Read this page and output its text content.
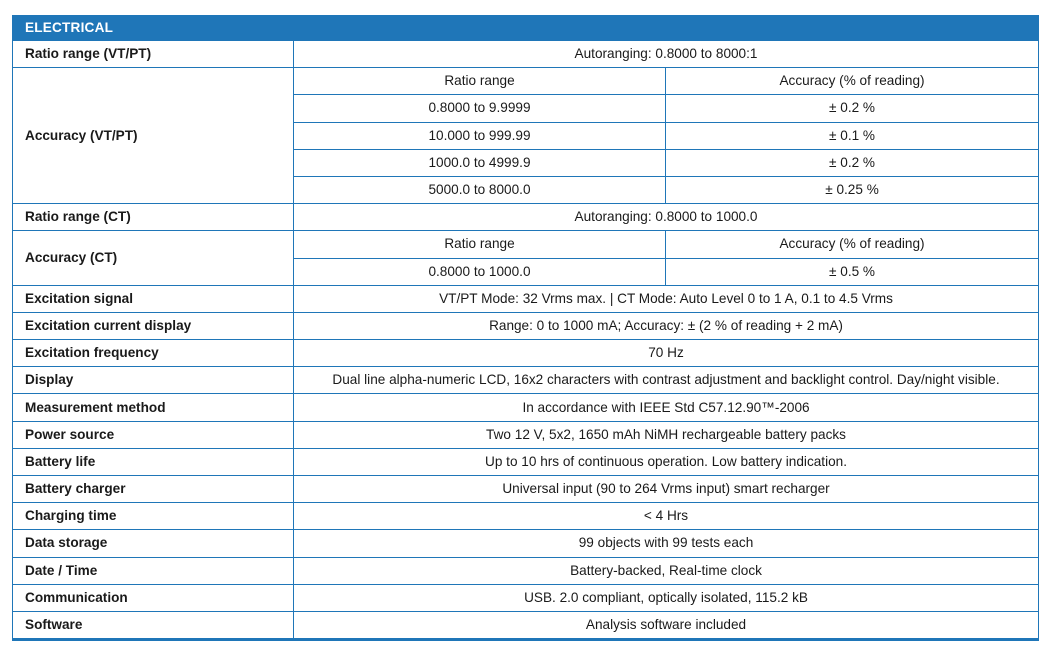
ELECTRICAL		
Ratio range (VT/PT)	Autoranging: 0.8000 to 8000:1	
Accuracy (VT/PT)	Ratio range	Accuracy (% of reading)
	0.8000 to 9.9999	± 0.2 %
	10.000 to 999.99	± 0.1 %
	1000.0 to 4999.9	± 0.2 %
	5000.0 to 8000.0	± 0.25 %
Ratio range (CT)	Autoranging: 0.8000 to 1000.0	
Accuracy (CT)	Ratio range	Accuracy (% of reading)
	0.8000 to 1000.0	± 0.5 %
Excitation signal	VT/PT Mode: 32 Vrms max. | CT Mode: Auto Level 0 to 1 A, 0.1 to 4.5 Vrms	
Excitation current display	Range: 0 to 1000 mA; Accuracy: ± (2 % of reading + 2 mA)	
Excitation frequency	70 Hz	
Display	Dual line alpha-numeric LCD, 16x2 characters with contrast adjustment and backlight control. Day/night visible.	
Measurement method	In accordance with IEEE Std C57.12.90™-2006	
Power source	Two 12 V, 5x2, 1650 mAh NiMH rechargeable battery packs	
Battery life	Up to 10 hrs of continuous operation. Low battery indication.	
Battery charger	Universal input (90 to 264 Vrms input) smart recharger	
Charging time	< 4 Hrs	
Data storage	99 objects with 99 tests each	
Date / Time	Battery-backed, Real-time clock	
Communication	USB. 2.0 compliant, optically isolated, 115.2 kB	
Software	Analysis software included	
